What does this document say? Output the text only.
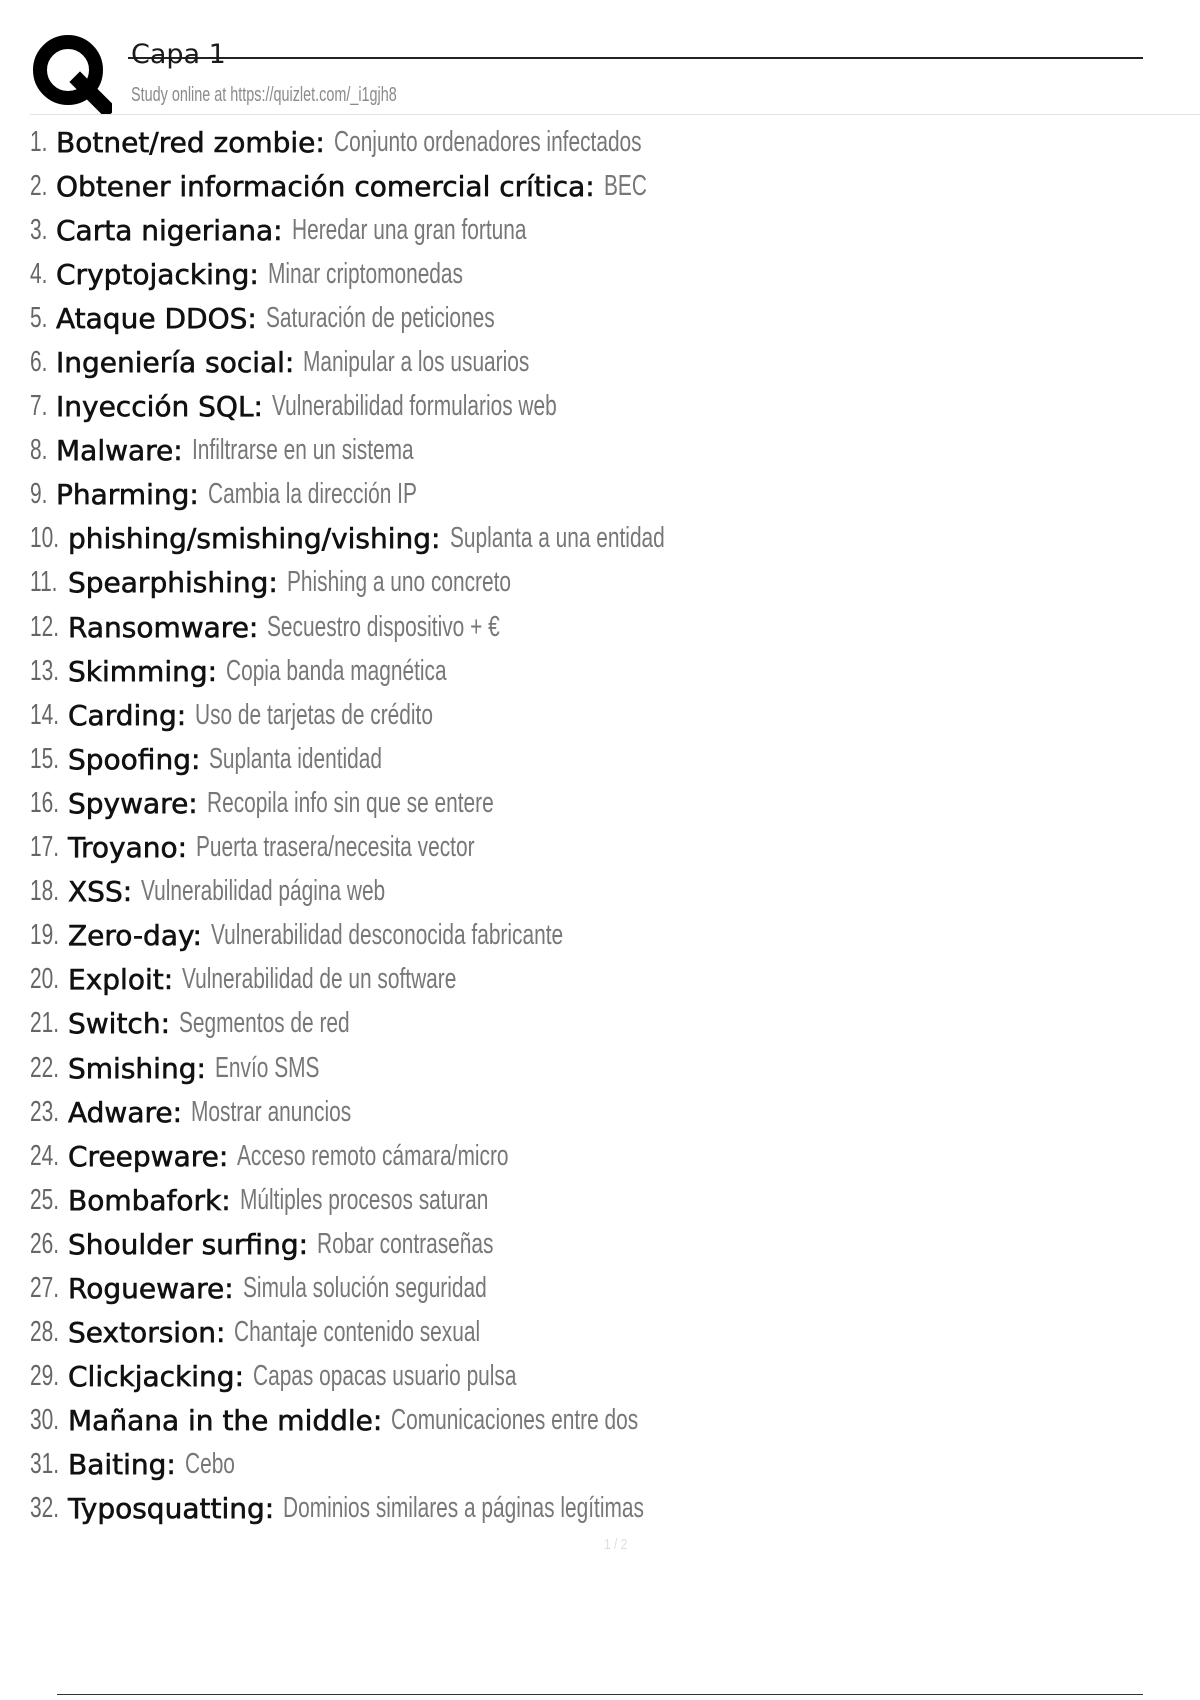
Capa 1
Study online at https://quizlet.com/_i1gjh8
1. Botnet/red zombie: Conjunto ordenadores infectados
2. Obtener información comercial crítica: BEC
3. Carta nigeriana: Heredar una gran fortuna
4. Cryptojacking: Minar criptomonedas
5. Ataque DDOS: Saturación de peticiones
6. Ingeniería social: Manipular a los usuarios
7. Inyección SQL: Vulnerabilidad formularios web
8. Malware: Infiltrarse en un sistema
9. Pharming: Cambia la dirección IP
10. phishing/smishing/vishing: Suplanta a una entidad
11. Spearphishing: Phishing a uno concreto
12. Ransomware: Secuestro dispositivo + €
13. Skimming: Copia banda magnética
14. Carding: Uso de tarjetas de crédito
15. Spoofing: Suplanta identidad
16. Spyware: Recopila info sin que se entere
17. Troyano: Puerta trasera/necesita vector
18. XSS: Vulnerabilidad página web
19. Zero-day: Vulnerabilidad desconocida fabricante
20. Exploit: Vulnerabilidad de un software
21. Switch: Segmentos de red
22. Smishing: Envío SMS
23. Adware: Mostrar anuncios
24. Creepware: Acceso remoto cámara/micro
25. Bombafork: Múltiples procesos saturan
26. Shoulder surfing: Robar contraseñas
27. Rogueware: Simula solución seguridad
28. Sextorsion: Chantaje contenido sexual
29. Clickjacking: Capas opacas usuario pulsa
30. Mañana in the middle: Comunicaciones entre dos
31. Baiting: Cebo
32. Typosquatting: Dominios similares a páginas legítimas
1 / 2
